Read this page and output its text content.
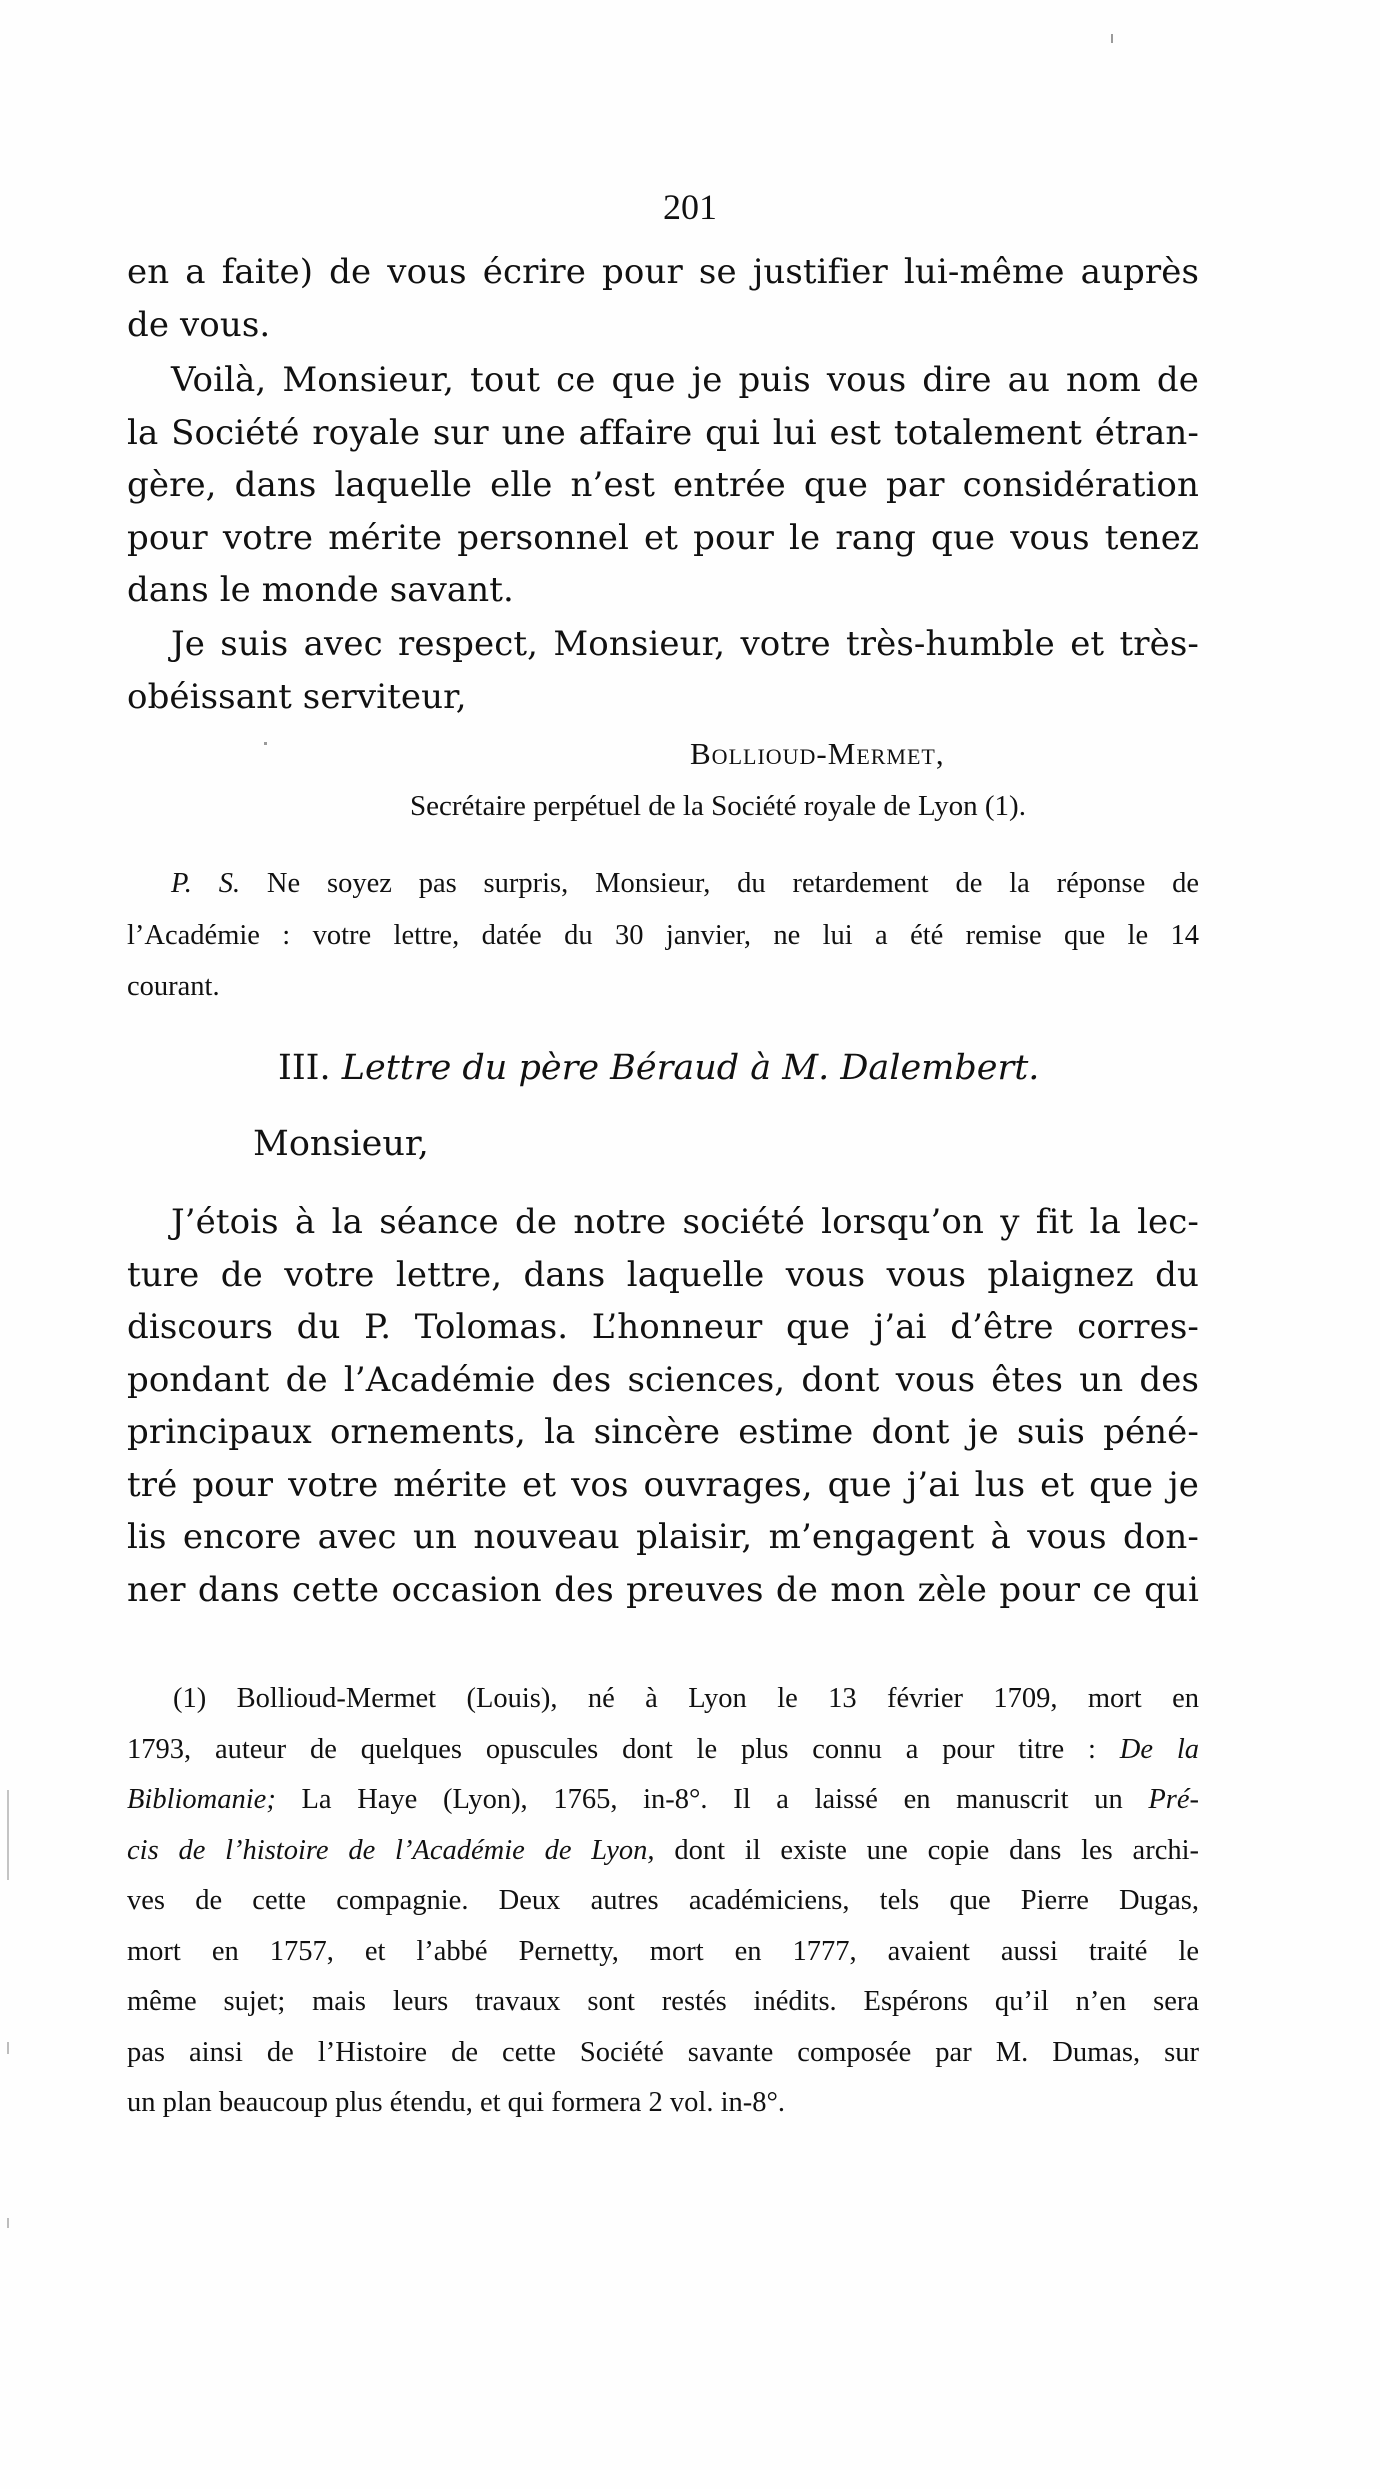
201
en a faite) de vous écrire pour se justifier lui-même auprès
de vous.
Voilà, Monsieur, tout ce que je puis vous dire au nom de
la Société royale sur une affaire qui lui est totalement étran-
gère, dans laquelle elle n’est entrée que par considération
pour votre mérite personnel et pour le rang que vous tenez
dans le monde savant.
Je suis avec respect, Monsieur, votre très-humble et très-
obéissant serviteur,
Bollioud-Mermet,
Secrétaire perpétuel de la Société royale de Lyon (1).
P. S. Ne soyez pas surpris, Monsieur, du retardement de la réponse de
l’Académie : votre lettre, datée du 30 janvier, ne lui a été remise que le 14
courant.
III. Lettre du père Béraud à M. Dalembert.
Monsieur,
J’étois à la séance de notre société lorsqu’on y fit la lec-
ture de votre lettre, dans laquelle vous vous plaignez du
discours du P. Tolomas. L’honneur que j’ai d’être corres-
pondant de l’Académie des sciences, dont vous êtes un des
principaux ornements, la sincère estime dont je suis péné-
tré pour votre mérite et vos ouvrages, que j’ai lus et que je
lis encore avec un nouveau plaisir, m’engagent à vous don-
ner dans cette occasion des preuves de mon zèle pour ce qui
(1) Bollioud-Mermet (Louis), né à Lyon le 13 février 1709, mort en
1793, auteur de quelques opuscules dont le plus connu a pour titre : De la
Bibliomanie; La Haye (Lyon), 1765, in-8°. Il a laissé en manuscrit un Pré-
cis de l’histoire de l’Académie de Lyon, dont il existe une copie dans les archi-
ves de cette compagnie. Deux autres académiciens, tels que Pierre Dugas,
mort en 1757, et l’abbé Pernetty, mort en 1777, avaient aussi traité le
même sujet; mais leurs travaux sont restés inédits. Espérons qu’il n’en sera
pas ainsi de l’Histoire de cette Société savante composée par M. Dumas, sur
un plan beaucoup plus étendu, et qui formera 2 vol. in-8°.
